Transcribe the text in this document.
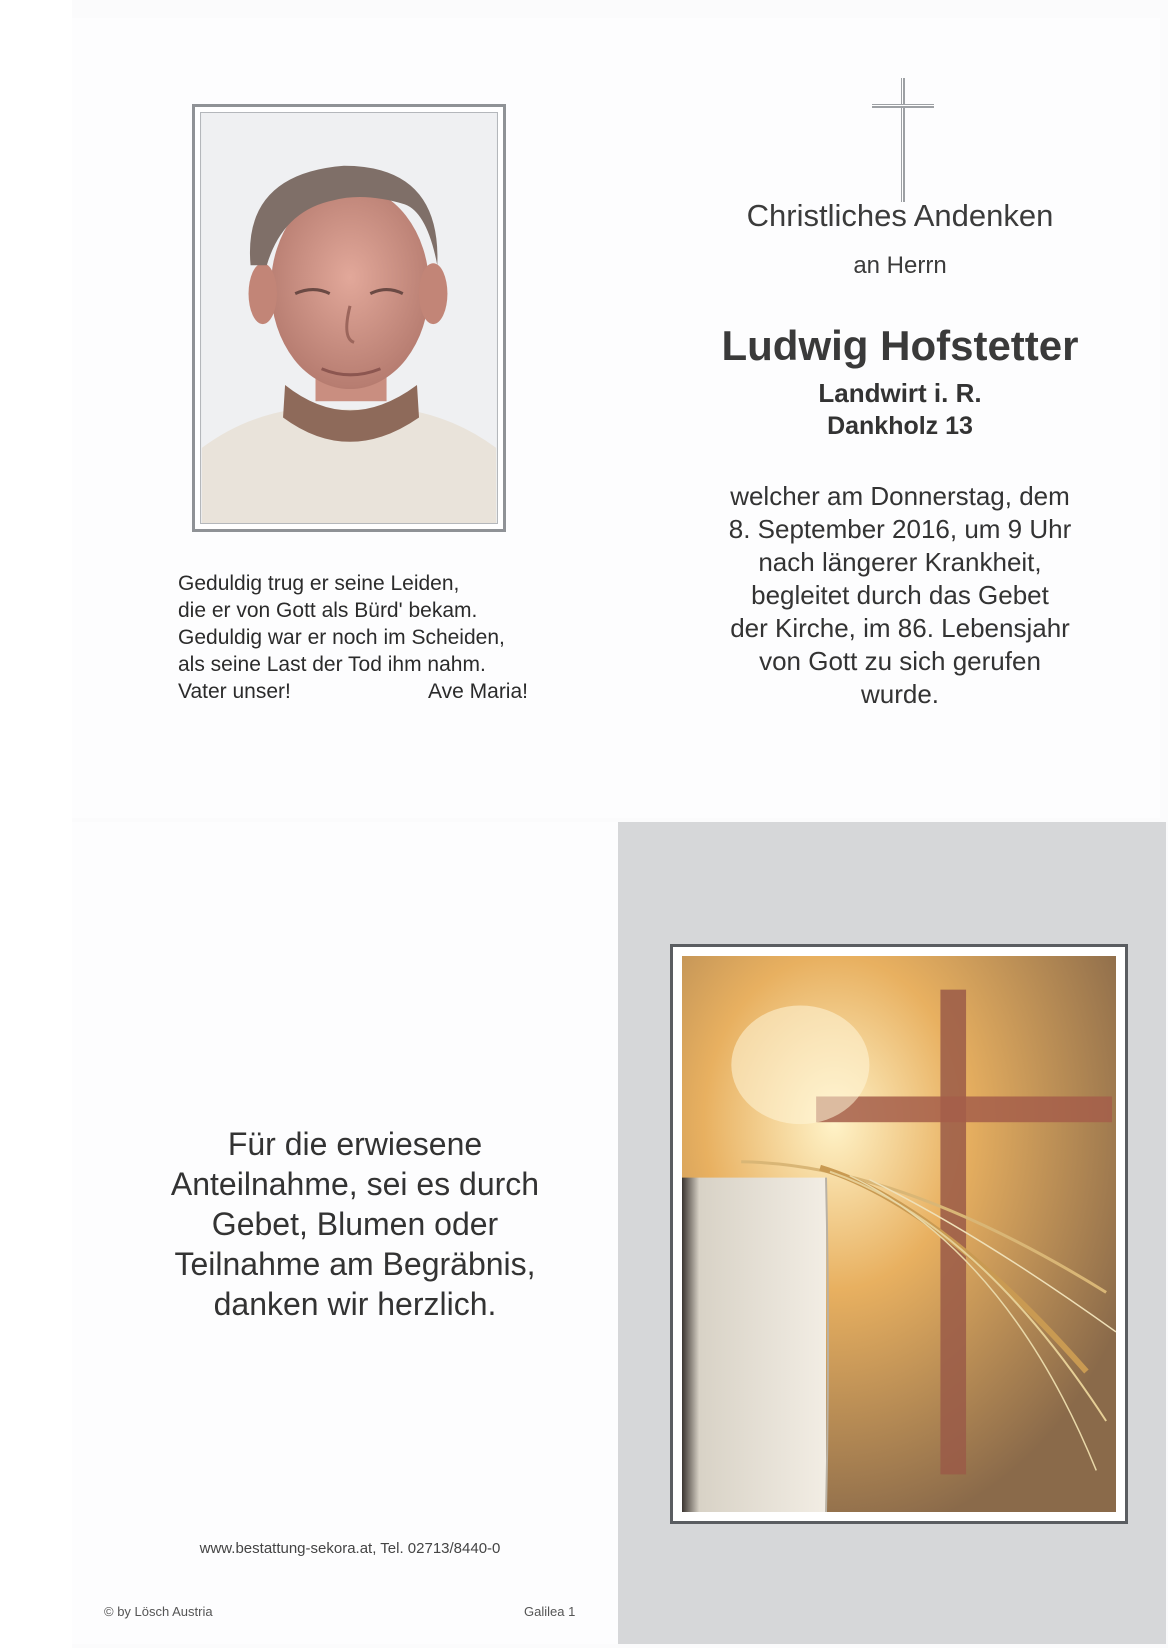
Geduldig trug er seine Leiden,
die er von Gott als Bürd' bekam.
Geduldig war er noch im Scheiden,
als seine Last der Tod ihm nahm.
Vater unser!	Ave Maria!
Christliches Andenken
an Herrn
Ludwig Hofstetter
Landwirt i. R.
Dankholz 13
welcher am Donnerstag, dem
8. September 2016, um 9 Uhr
nach längerer Krankheit,
begleitet durch das Gebet
der Kirche, im 86. Lebensjahr
von Gott zu sich gerufen
wurde.
Für die erwiesene
Anteilnahme, sei es durch
Gebet, Blumen oder
Teilnahme am Begräbnis,
danken wir herzlich.
www.bestattung-sekora.at, Tel. 02713/8440-0
© by Lösch Austria	Galilea 1
